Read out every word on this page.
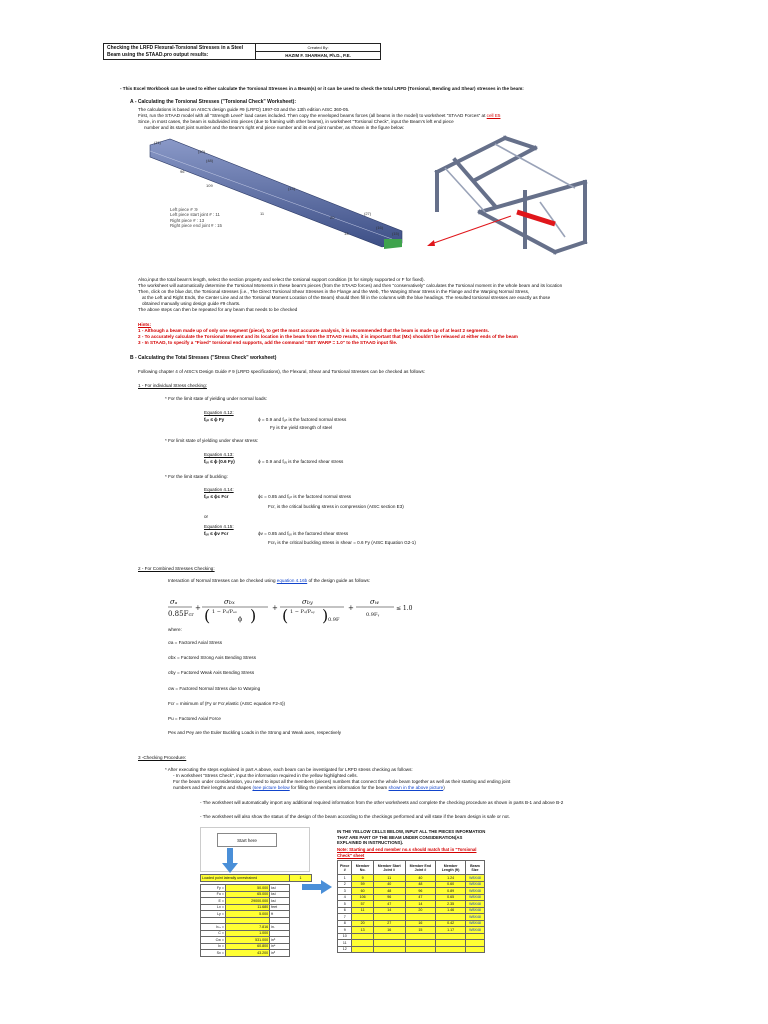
Checking the LRFD Flexural-Torsional Stresses in a Steel Beam using the STAAD.pro output results:	Created By:
HAZIM F. SHARHAN, Ph.D., P.E.
- This Excel Workbook can be used to either calculate the Torsional Stresses in a Beam(s) or it can be used to check the total LRFD (Torsional, Bending and Shear) stresses in the beam:
A - Calculating the Torsional Stresses ("Torsional Check" Worksheet):
The calculations is based on AISC's design guide #9 (LRFD) 1997-03 and the 13th edition AISC 360-05.
First, run the STAAD model with all "Strength Level" load cases included. Then copy the enveloped beams forces (all beams in the model) to worksheet "STAAD Forces" at cell E5
Since, in most cases, the beam is subdivided into pieces (due to framing with other beams), in worksheet "Torsional Check", input the Beam's left end piece
number and its start joint number and the Beam's right end piece number and its end joint number, as shown in the figure below:
(11)
(40)
(48)
96
109
(14)
11
20
(27)
(16)
(15)
13
Left piece # :9
Left piece start joint # : 11
Right piece # : 13
Right piece end joint # : 15
Also,input the total beam's length, select the section property and select the torsional support condition (S for simply supported or F for fixed).
The worksheet will automatically determine the Torsional Moments in these beam's pieces (from the STAAD forces) and then "conservatively" calculates the Torsional moment in the whole beam and its location
Then, click on the blue dot, the Torsional stresses (i.e., The Direct Torsional Shear Stresses in the Flange and the Web, The Warping Shear Stress in the Flange and the Warping Normal Stress,
at the Left and Right Ends, the Center Line and at the Torsional Moment Location of the Beam) should then fill in the columns with the blue headings. The resulted torsional stresses are exactly as those
obtained manually using design guide #9 charts.
The above steps can then be repeated for any beam that needs to be checked
Hints:
1 - Although a beam made up of only one segment (piece), to get the most accurate analysis, it is recommended that the beam is made up of at least 2 segments.
2 - To accurately calculate the Torsional Moment and its location in the beam from the STAAD results, it is important that (Mx) shouldn't be released at either ends of the beam
3 - In STAAD, to specify a "Fixed" torsional end supports, add the command "SET WARP = 1.0" to the STAAD input file.
B - Calculating the Total Stresses ("Stress Check" worksheet)
Following chapter 4 of AISC's Design Guide # 9 (LRFD specifications), the Flexural, Shear and Torsional Stresses can be checked as follows:
1 - For individual Stress checking:
* For the limit state of yielding under normal loads:
Equation 4.12:
fᵤₙ ≤ ϕ Fy	ϕ = 0.9 and fᵤₙ is the factored normal stress
Fy is the yield strength of steel
* For limit state of yielding under shear stress:
Equation 4.13:
fᵤᵥ ≤ ϕ (0.6 Fy)	ϕ = 0.9 and fᵤᵥ is the factored shear stress
* For the limit state of buckling:
Equation 4.14:
fᵤₙ ≤ ϕc Fcr	ϕc = 0.85 and fᵤₙ is the factored normal stress
Fcr, is the critical buckling stress in compression (AISC section E3)
or
Equation 4.15:
fᵤᵥ ≤ ϕv Fcr	ϕv = 0.85 and fᵤᵥ is the factored shear stress
Fcrᵥ is the critical buckling stress in shear = 0.6 Fy (AISC Equation G2-1)
2 - For Combined Stresses Checking:
Interaction of Normal Stresses can be checked using equation 4.16b of the design guide as follows:
σₐ
0.85Fcr
+
σbx
( 1 − Pᵤ/Pₑₓ )
ϕ
+
σby
( 1 − Pᵤ/Pₑᵧ ) 0.9F
+
σw
0.9Fᵧ
≤ 1.0
where:
σa = Factored Axial Stress
σbx = Factored Strong Axis Bending Stress
σby = Factored Weak Axis Bending Stress
σw = Factored Normal Stress due to Warping
Fcr = minimum of (Fy or Fcr,elastic (AISC equation F2-4))
Pu = Factored Axial Force
Pex and Pey are the Euler Buckling Loads in the Strong and Weak axes, respectively
3 -Checking Procedure:
* After executing the steps explained in part A above, each beam can be investigated for LRFD stress checking as follows:
- In worksheet "Stress Check", input the information required in the yellow highlighted cells.
For the beam under consideration, you need to input all the members (pieces) numbers that connect the whole beam together as well as their starting and ending joint
numbers and their lengths and shapes (see picture below for filling the members information for the beam shown in the above picture)
- The worksheet will automatically import any additional required information from the other worksheets and complete the checking procedure as shown in parts B-1 and above B-2
- The worksheet will also show the status of the design of the beam according to the checkings performed and will state if the beam design is safe or not.
Start here
Loaded point laterally unrestrained	1
Fy =	50.000	ksi
Fu =	65.000	ksi
E =	29000.000	ksi
Lx =	11.680	feet
Ly =	5.000	ft

bₛₓ =	7.816	in.
C =	1.000	
Cw =	531.000	in⁶
Ix =	60.800	in⁴
Sx =	43.200	in³
IN THE YELLOW CELLS BELOW, INPUT ALL THE PIECES INFORMATION THAT ARE PART OF THE BEAM UNDER CONSIDERATION(AS EXPLAINED IN INSTRUCTIONS).
Note: Starting and end member no.s should match that in "Torsional Check" sheet
Piece #	Member No.	Member Start Joint #	Member End Joint #	Member Length (ft)	Beam Size
1	9	11	40	1.24	W8X48
2	59	40	48	0.60	W8X48
3	60	48	96	0.89	W8X48
4	106	96	47	0.65	W8X48
5	57	47	14	2.35	W8X48
6	11	14	20	1.46	W8X48
7					W8X48
8	20	27	16	0.42	W8X48
9	13	16	15	1.17	W8X48
10					
11					
12					
